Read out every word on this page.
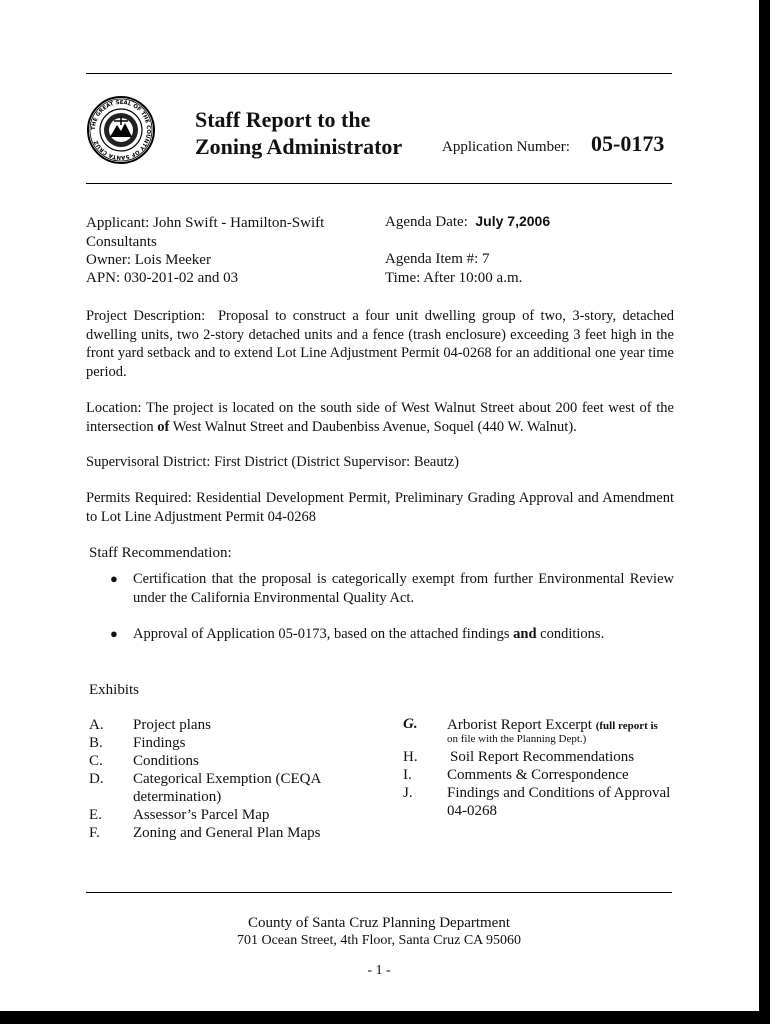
THE GREAT SEAL OF THE COUNTY OF SANTA CRUZ
Staff Report to the
Zoning Administrator	Application Number: 05-0173
Applicant: John Swift - Hamilton-Swift
Consultants
Owner: Lois Meeker
APN: 030-201-02 and 03
Agenda Date: July 7,2006
Agenda Item #: 7
Time: After 10:00 a.m.
Project Description: Proposal to construct a four unit dwelling group of two, 3-story, detached dwelling units, two 2-story detached units and a fence (trash enclosure) exceeding 3 feet high in the front yard setback and to extend Lot Line Adjustment Permit 04-0268 for an additional one year time period.
Location: The project is located on the south side of West Walnut Street about 200 feet west of the intersection of West Walnut Street and Daubenbiss Avenue, Soquel (440 W. Walnut).
Supervisoral District: First District (District Supervisor: Beautz)
Permits Required: Residential Development Permit, Preliminary Grading Approval and Amendment to Lot Line Adjustment Permit 04-0268
Staff Recommendation:
● Certification that the proposal is categorically exempt from further Environmental Review under the California Environmental Quality Act.
● Approval of Application 05-0173, based on the attached findings and conditions.
Exhibits
A. Project plans
B. Findings
C. Conditions
D. Categorical Exemption (CEQA
determination)
E. Assessor’s Parcel Map
F. Zoning and General Plan Maps
G. Arborist Report Excerpt (full report is
on file with the Planning Dept.)
H. Soil Report Recommendations
I. Comments & Correspondence
J. Findings and Conditions of Approval
04-0268
County of Santa Cruz Planning Department
701 Ocean Street, 4th Floor, Santa Cruz CA 95060
- 1 -
